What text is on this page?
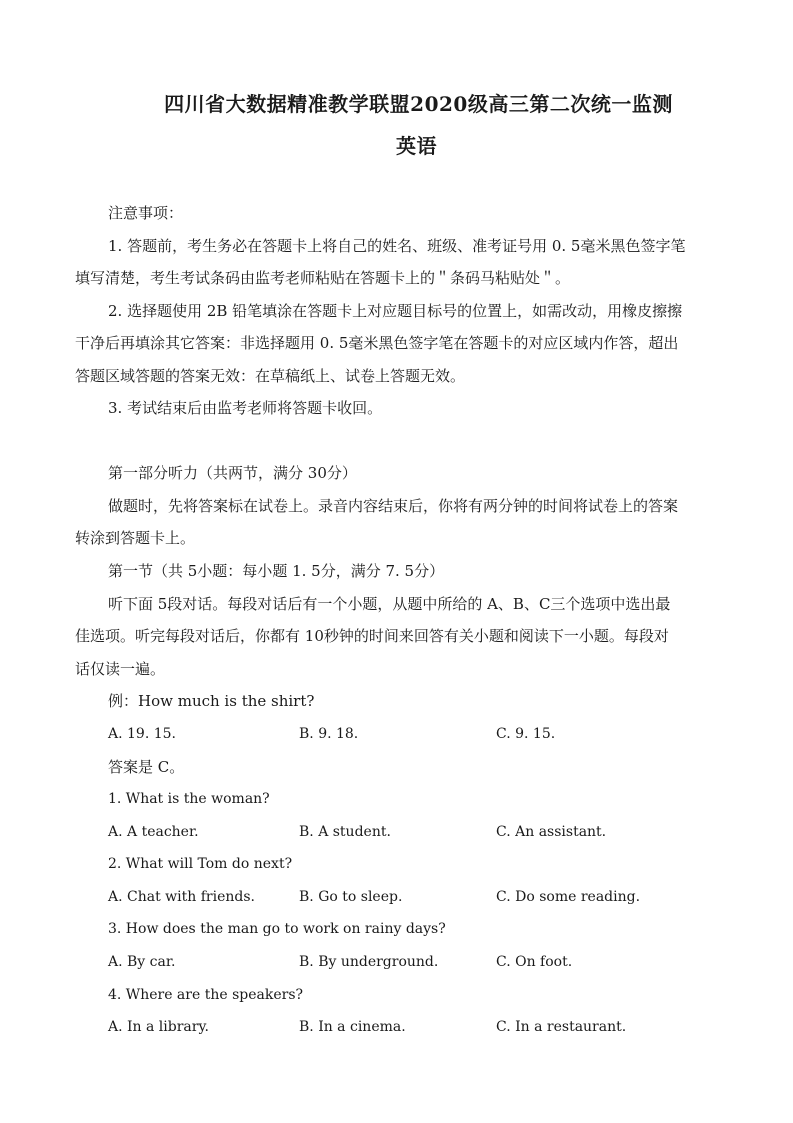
四川省大数据精准教学联盟2020级高三第二次统一监测
英语

注意事项：

1. 答题前，考生务必在答题卡上将自己的姓名、班级、准考证号用 0. 5毫米黑色签字笔

填写清楚，考生考试条码由监考老师粘贴在答题卡上的＂条码马粘贴处＂。

2. 选择题使用 2B 铅笔填涂在答题卡上对应题目标号的位置上，如需改动，用橡皮擦擦

干净后再填涂其它答案：非选择题用 0. 5毫米黑色签字笔在答题卡的对应区域内作答，超出

答题区域答题的答案无效：在草稿纸上、试卷上答题无效。

3. 考试结束后由监考老师将答题卡收回。

第一部分听力（共两节，满分 30分）

做题时，先将答案标在试卷上。录音内容结束后，你将有两分钟的时间将试卷上的答案

转涂到答题卡上。

第一节（共 5小题：每小题 1. 5分，满分 7. 5分）

听下面 5段对话。每段对话后有一个小题，从题中所给的 A、B、C三个选项中选出最

佳选项。听完每段对话后，你都有 10秒钟的时间来回答有关小题和阅读下一小题。每段对

话仅读一遍。

例：How much is the shirt?

A. 19. 15.	B. 9. 18.	C. 9. 15.

答案是 C。

1. What is the woman?

A. A teacher.	B. A student.	C. An assistant.

2. What will Tom do next?

A. Chat with friends.	B. Go to sleep.	C. Do some reading.

3. How does the man go to work on rainy days?

A. By car.	B. By underground.	C. On foot.

4. Where are the speakers?

A. In a library.	B. In a cinema.	C. In a restaurant.
